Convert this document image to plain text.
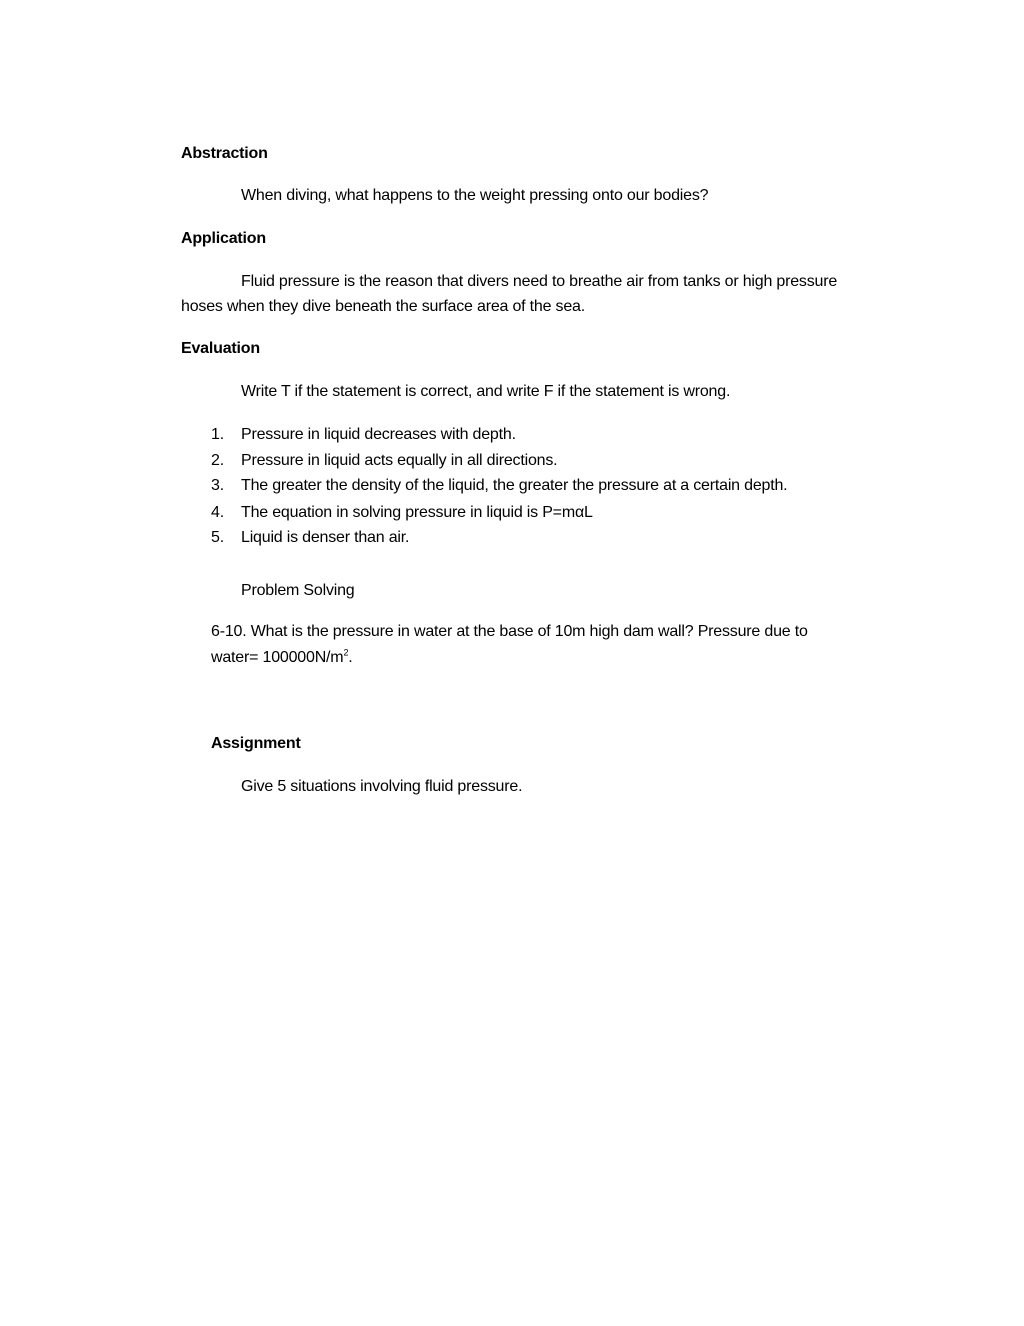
Abstraction
When diving, what happens to the weight pressing onto our bodies?
Application
Fluid pressure is the reason that divers need to breathe air from tanks or high pressure
hoses when they dive beneath the surface area of the sea.
Evaluation
Write T if the statement is correct, and write F if the statement is wrong.
1. Pressure in liquid decreases with depth.
2. Pressure in liquid acts equally in all directions.
3. The greater the density of the liquid, the greater the pressure at a certain depth.
4. The equation in solving pressure in liquid is P=mαL
5. Liquid is denser than air.
Problem Solving
6-10. What is the pressure in water at the base of 10m high dam wall? Pressure due to
water= $100000N/m^2$.
Assignment
Give 5 situations involving fluid pressure.
